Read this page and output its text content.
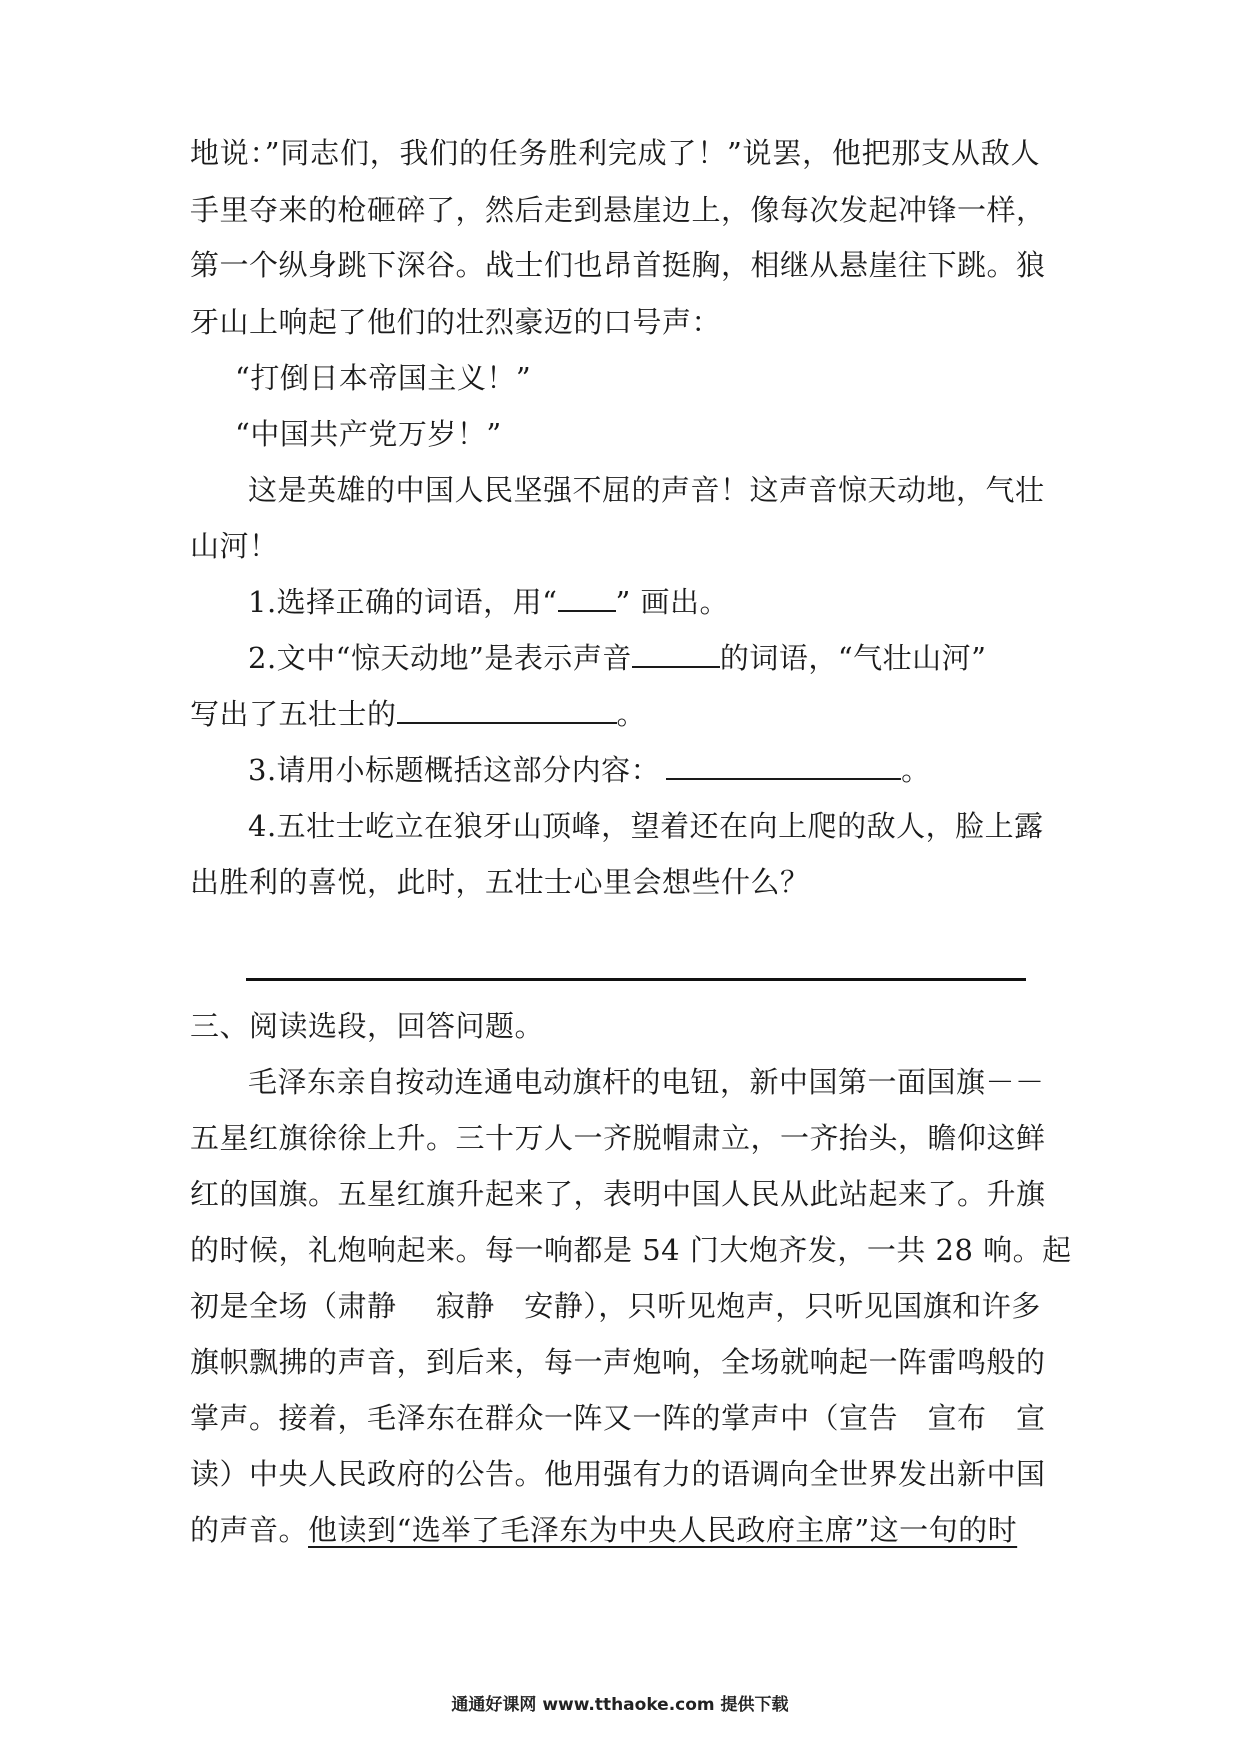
地说：”同志们，我们的任务胜利完成了！”说罢，他把那支从敌人
手里夺来的枪砸碎了，然后走到悬崖边上，像每次发起冲锋一样，
第一个纵身跳下深谷。战士们也昂首挺胸，相继从悬崖往下跳。狼
牙山上响起了他们的壮烈豪迈的口号声：
“打倒日本帝国主义！”
“中国共产党万岁！”
这是英雄的中国人民坚强不屈的声音！这声音惊天动地，气壮
山河！
1.选择正确的词语，用“ ” 画出。
2.文中“惊天动地”是表示声音	的词语，“气壮山河”
写出了五壮士的	。
3.请用小标题概括这部分内容：	。
4.五壮士屹立在狼牙山顶峰，望着还在向上爬的敌人，脸上露
出胜利的喜悦，此时，五壮士心里会想些什么？
三、阅读选段，回答问题。
毛泽东亲自按动连通电动旗杆的电钮，新中国第一面国旗－－
五星红旗徐徐上升。三十万人一齐脱帽肃立，一齐抬头，瞻仰这鲜
红的国旗。五星红旗升起来了，表明中国人民从此站起来了。升旗
的时候，礼炮响起来。每一响都是 54 门大炮齐发，一共 28 响。起
初是全场（肃静　 寂静　安静），只听见炮声，只听见国旗和许多
旗帜飘拂的声音，到后来，每一声炮响，全场就响起一阵雷鸣般的
掌声。接着，毛泽东在群众一阵又一阵的掌声中（宣告　宣布　宣
读）中央人民政府的公告。他用强有力的语调向全世界发出新中国
的声音。他读到“选举了毛泽东为中央人民政府主席”这一句的时
通通好课网 www.tthaoke.com 提供下载
